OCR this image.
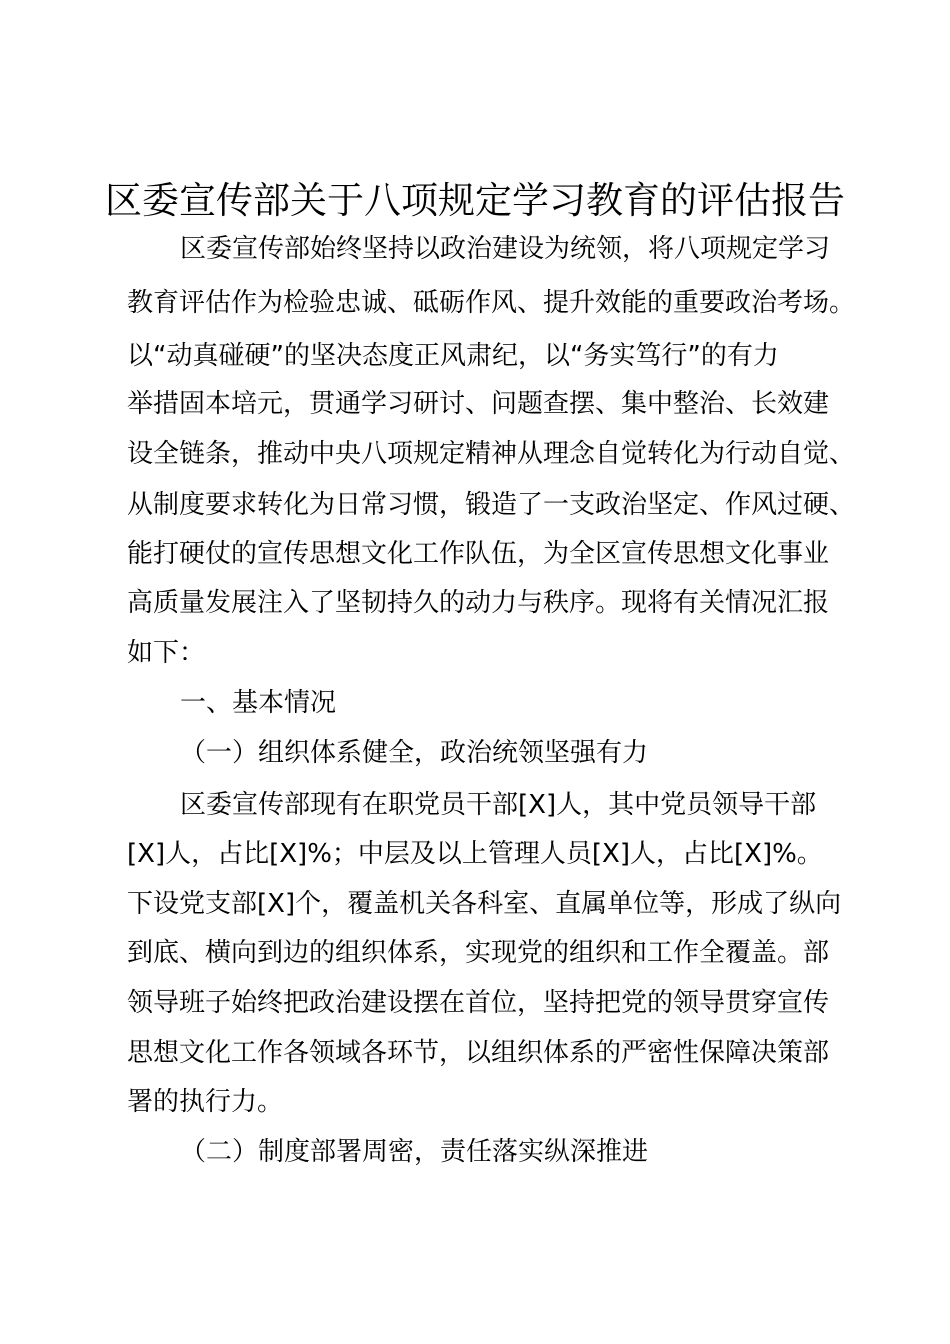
区委宣传部关于八项规定学习教育的评估报告

区委宣传部始终坚持以政治建设为统领，将八项规定学习

教育评估作为检验忠诚、砥砺作风、提升效能的重要政治考场。

以“动真碰硬”的坚决态度正风肃纪，以“务实笃行”的有力

举措固本培元，贯通学习研讨、问题查摆、集中整治、长效建

设全链条，推动中央八项规定精神从理念自觉转化为行动自觉、

从制度要求转化为日常习惯，锻造了一支政治坚定、作风过硬、

能打硬仗的宣传思想文化工作队伍，为全区宣传思想文化事业

高质量发展注入了坚韧持久的动力与秩序。现将有关情况汇报

如下：

一、基本情况

（一）组织体系健全，政治统领坚强有力

区委宣传部现有在职党员干部[X]人，其中党员领导干部

[X]人，占比[X]%；中层及以上管理人员[X]人，占比[X]%。

下设党支部[X]个，覆盖机关各科室、直属单位等，形成了纵向

到底、横向到边的组织体系，实现党的组织和工作全覆盖。部

领导班子始终把政治建设摆在首位，坚持把党的领导贯穿宣传

思想文化工作各领域各环节，以组织体系的严密性保障决策部

署的执行力。

（二）制度部署周密，责任落实纵深推进
